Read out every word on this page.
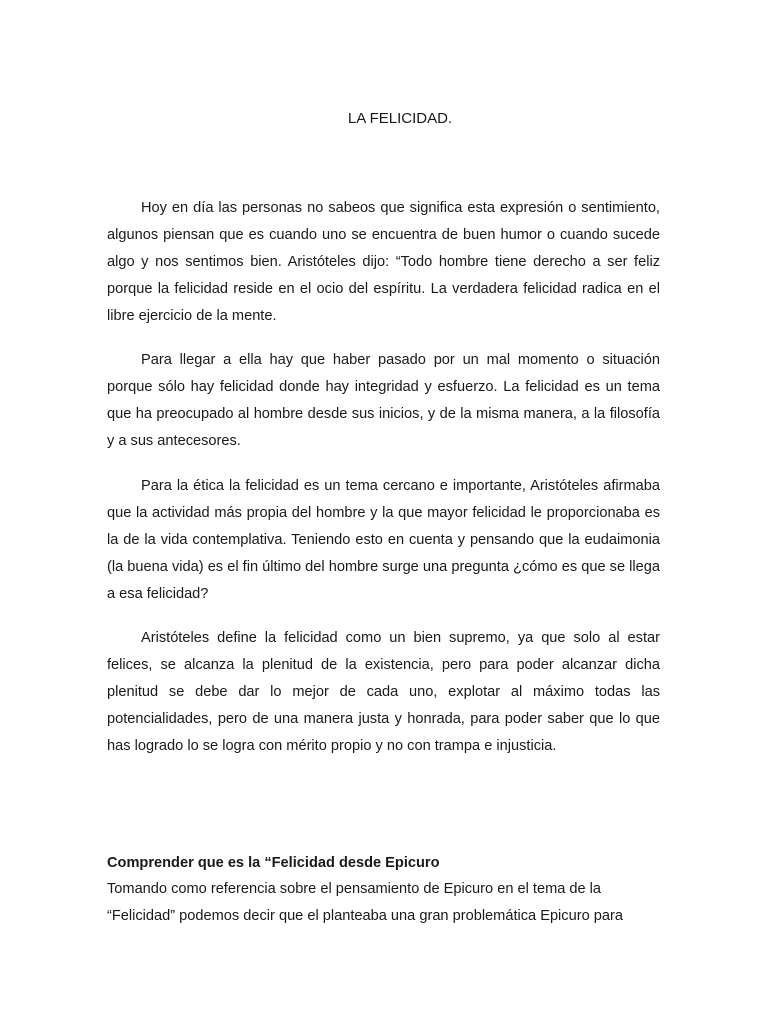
LA FELICIDAD.

Hoy en día las personas no sabeos que significa esta expresión o sentimiento, algunos piensan que es cuando uno se encuentra de buen humor o cuando sucede algo y nos sentimos bien. Aristóteles dijo: “Todo hombre tiene derecho a ser feliz porque la felicidad reside en el ocio del espíritu. La verdadera felicidad radica en el libre ejercicio de la mente.

Para llegar a ella hay que haber pasado por un mal momento o situación porque sólo hay felicidad donde hay integridad y esfuerzo. La felicidad es un tema que ha preocupado al hombre desde sus inicios, y de la misma manera, a la filosofía y a sus antecesores.

Para la ética la felicidad es un tema cercano e importante, Aristóteles afirmaba que la actividad más propia del hombre y la que mayor felicidad le proporcionaba es la de la vida contemplativa. Teniendo esto en cuenta y pensando que la eudaimonia (la buena vida) es el fin último del hombre surge una pregunta ¿cómo es que se llega a esa felicidad?

Aristóteles define la felicidad como un bien supremo, ya que solo al estar felices, se alcanza la plenitud de la existencia, pero para poder alcanzar dicha plenitud se debe dar lo mejor de cada uno, explotar al máximo todas las potencialidades, pero de una manera justa y honrada, para poder saber que lo que has logrado lo se logra con mérito propio y no con trampa e injusticia.

Comprender que es la “Felicidad desde Epicuro

Tomando como referencia sobre el pensamiento de Epicuro en el tema de la “Felicidad” podemos decir que el planteaba una gran problemática Epicuro para
